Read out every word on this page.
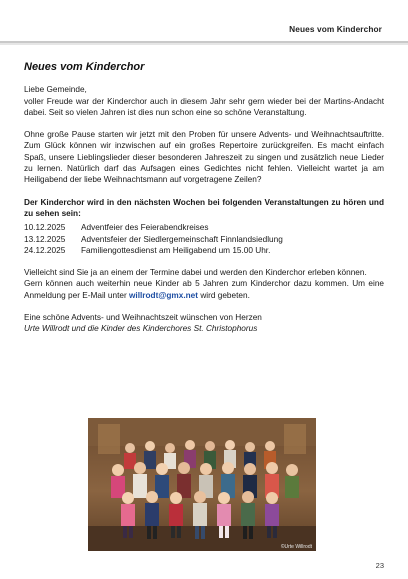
Neues vom Kinderchor
Neues vom Kinderchor

Liebe Gemeinde,

voller Freude war der Kinderchor auch in diesem Jahr sehr gern wieder bei der Martins-Andacht dabei. Seit so vielen Jahren ist dies nun schon eine so schöne Veranstaltung.

Ohne große Pause starten wir jetzt mit den Proben für unsere Advents- und Weihnachtsauftritte. Zum Glück können wir inzwischen auf ein großes Repertoire zurückgreifen. Es macht einfach Spaß, unsere Lieblingslieder dieser besonderen Jahreszeit zu singen und zusätzlich neue Lieder zu lernen. Natürlich darf das Aufsagen eines Gedichtes nicht fehlen. Vielleicht wartet ja am Heiligabend der liebe Weihnachtsmann auf vorgetragene Zeilen?

Der Kinderchor wird in den nächsten Wochen bei folgenden Veranstaltungen zu hören und zu sehen sein:

10.12.2025	Adventfeier des Feierabendkreises
13.12.2025	Adventsfeier der Siedlergemeinschaft Finnlandsiedlung
24.12.2025	Familiengottesdienst am Heiligabend um 15.00 Uhr.

Vielleicht sind Sie ja an einem der Termine dabei und werden den Kinderchor erleben können.

Gern können auch weiterhin neue Kinder ab 5 Jahren zum Kinderchor dazu kommen. Um eine Anmeldung per E-Mail unter willrodt@gmx.net wird gebeten.

Eine schöne Advents- und Weihnachtszeit wünschen von Herzen

Urte Willrodt und die Kinder des Kinderchores St. Christophorus

©Urte Willrodt
23
